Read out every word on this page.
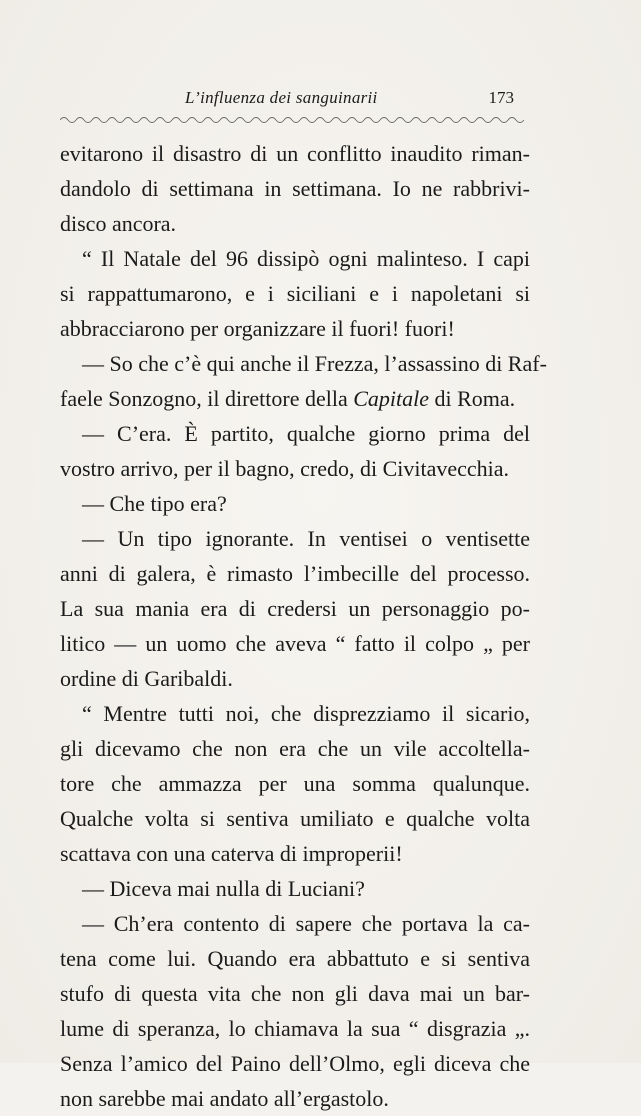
L’influenza dei sanguinarii	173

evitarono il disastro di un conflitto inaudito riman-
dandolo di settimana in settimana. Io ne rabbrivi-
disco ancora.

“ Il Natale del 96 dissipò ogni malinteso. I capi
si rappattumarono, e i siciliani e i napoletani si
abbracciarono per organizzare il fuori! fuori!

— So che c’è qui anche il Frezza, l’assassino di Raf-
faele Sonzogno, il direttore della Capitale di Roma.

— C’era. È partito, qualche giorno prima del
vostro arrivo, per il bagno, credo, di Civitavecchia.

— Che tipo era?

— Un tipo ignorante. In ventisei o ventisette
anni di galera, è rimasto l’imbecille del processo.
La sua mania era di credersi un personaggio po-
litico — un uomo che aveva “ fatto il colpo „ per
ordine di Garibaldi.

“ Mentre tutti noi, che disprezziamo il sicario,
gli dicevamo che non era che un vile accoltella-
tore che ammazza per una somma qualunque.
Qualche volta si sentiva umiliato e qualche volta
scattava con una caterva di improperii!

— Diceva mai nulla di Luciani?

— Ch’era contento di sapere che portava la ca-
tena come lui. Quando era abbattuto e si sentiva
stufo di questa vita che non gli dava mai un bar-
lume di speranza, lo chiamava la sua “ disgrazia „.
Senza l’amico del Paino dell’Olmo, egli diceva che
non sarebbe mai andato all’ergastolo.
